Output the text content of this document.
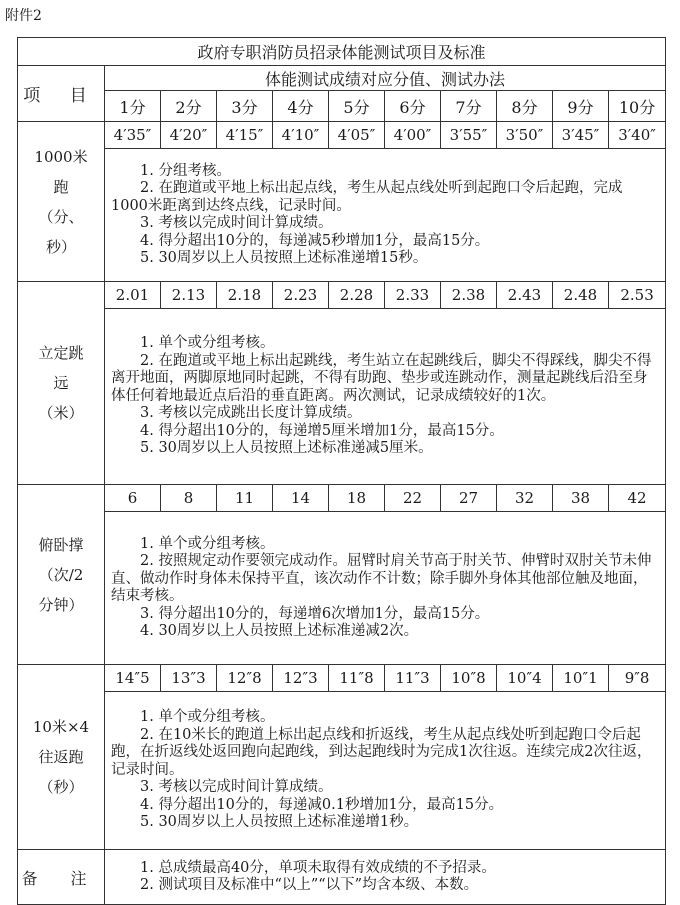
附件2
政府专职消防员招录体能测试项目及标准										
项 目	体能测试成绩对应分值、测试办法									
	1分	2分	3分	4分	5分	6分	7分	8分	9分	10分

1000米
跑
（分、
秒）	4′35″	4′20″	4′15″	4′10″	4′05″	4′00″	3′55″	3′50″	3′45″	3′40″

	1. 分组考核。
2. 在跑道或平地上标出起点线，考生从起点线处听到起跑口令后起跑，完成1000米距离到达终点线，记录时间。
3. 考核以完成时间计算成绩。
4. 得分超出10分的，每递减5秒增加1分，最高15分。
5. 30周岁以上人员按照上述标准递增15秒。									

立定跳
远
（米）	2.01	2.13	2.18	2.23	2.28	2.33	2.38	2.43	2.48	2.53

	1. 单个或分组考核。
2. 在跑道或平地上标出起跳线，考生站立在起跳线后，脚尖不得踩线，脚尖不得离开地面，两脚原地同时起跳，不得有助跑、垫步或连跳动作，测量起跳线后沿至身体任何着地最近点后沿的垂直距离。两次测试，记录成绩较好的1次。
3. 考核以完成跳出长度计算成绩。
4. 得分超出10分的，每递增5厘米增加1分，最高15分。
5. 30周岁以上人员按照上述标准递减5厘米。									

俯卧撑
（次/2
分钟）	6	8	11	14	18	22	27	32	38	42

	1. 单个或分组考核。
2. 按照规定动作要领完成动作。屈臂时肩关节高于肘关节、伸臂时双肘关节未伸直、做动作时身体未保持平直，该次动作不计数；除手脚外身体其他部位触及地面，结束考核。
3. 得分超出10分的，每递增6次增加1分，最高15分。
4. 30周岁以上人员按照上述标准递减2次。									

10米×4
往返跑
（秒）	14″5	13″3	12″8	12″3	11″8	11″3	10″8	10″4	10″1	9″8

	1. 单个或分组考核。
2. 在10米长的跑道上标出起点线和折返线，考生从起点线处听到起跑口令后起跑，在折返线处返回跑向起跑线，到达起跑线时为完成1次往返。连续完成2次往返，记录时间。
3. 考核以完成时间计算成绩。
4. 得分超出10分的，每递减0.1秒增加1分，最高15分。
5. 30周岁以上人员按照上述标准递增1秒。									

备 注	1. 总成绩最高40分，单项未取得有效成绩的不予招录。
2. 测试项目及标准中“以上”“以下”均含本级、本数。									
